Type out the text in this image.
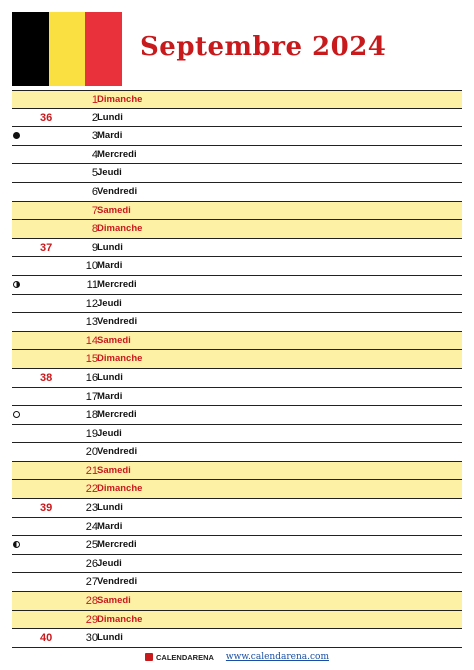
Septembre 2024
1 Dimanche
36	2 Lundi
3 Mardi
4 Mercredi
5 Jeudi
6 Vendredi
7 Samedi
8 Dimanche
37	9 Lundi
10 Mardi
11 Mercredi
12 Jeudi
13 Vendredi
14 Samedi
15 Dimanche
38	16 Lundi
17 Mardi
18 Mercredi
19 Jeudi
20 Vendredi
21 Samedi
22 Dimanche
39	23 Lundi
24 Mardi
25 Mercredi
26 Jeudi
27 Vendredi
28 Samedi
29 Dimanche
40	30 Lundi
CALENDARENA www.calendarena.com
